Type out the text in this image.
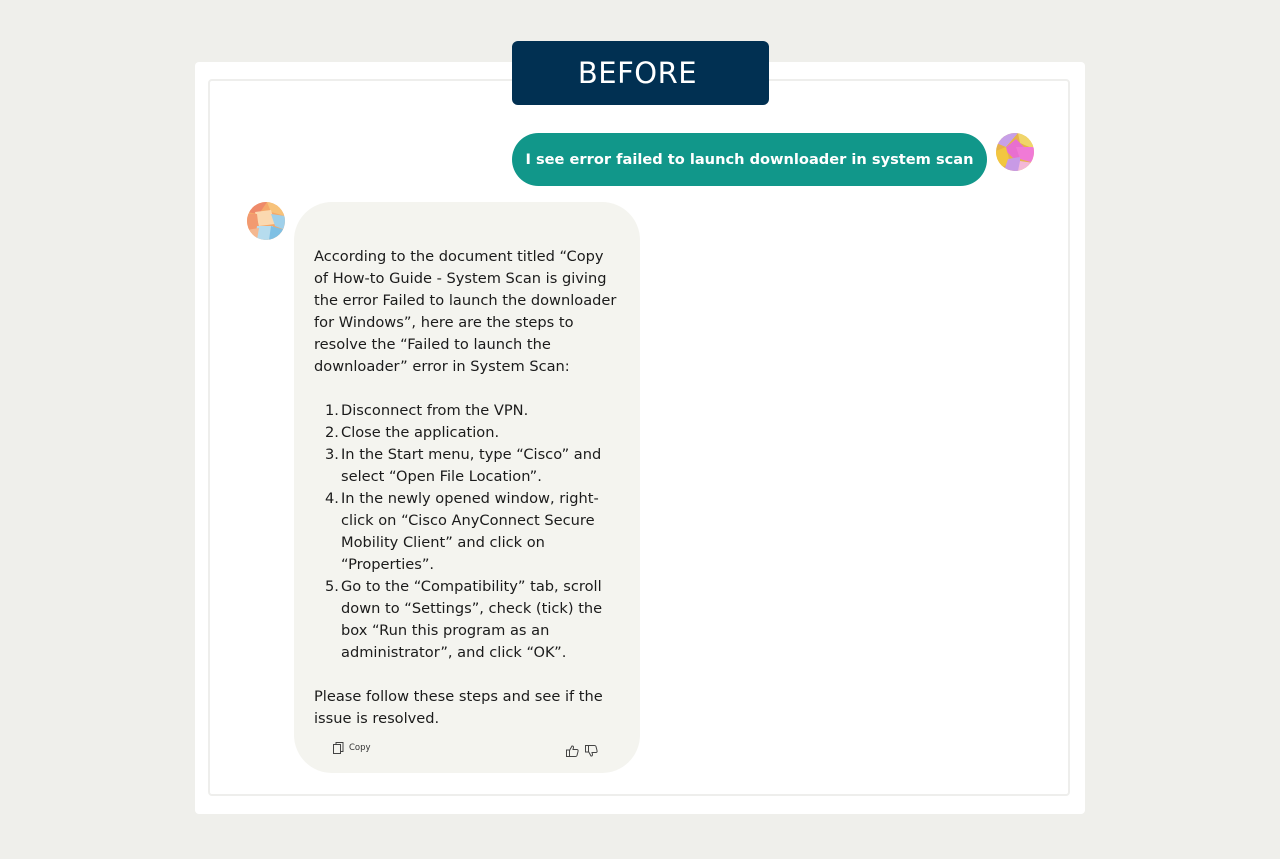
BEFORE
I see error failed to launch downloader in system scan

According to the document titled “Copy of How-to Guide - System Scan is giving the error Failed to launch the downloader for Windows”, here are the steps to resolve the “Failed to launch the downloader” error in System Scan:

1. Disconnect from the VPN.
2. Close the application.
3. In the Start menu, type “Cisco” and select “Open File Location”.
4. In the newly opened window, right-click on “Cisco AnyConnect Secure Mobility Client” and click on “Properties”.
5. Go to the “Compatibility” tab, scroll down to “Settings”, check (tick) the box “Run this program as an administrator”, and click “OK”.

Please follow these steps and see if the issue is resolved.

Copy
